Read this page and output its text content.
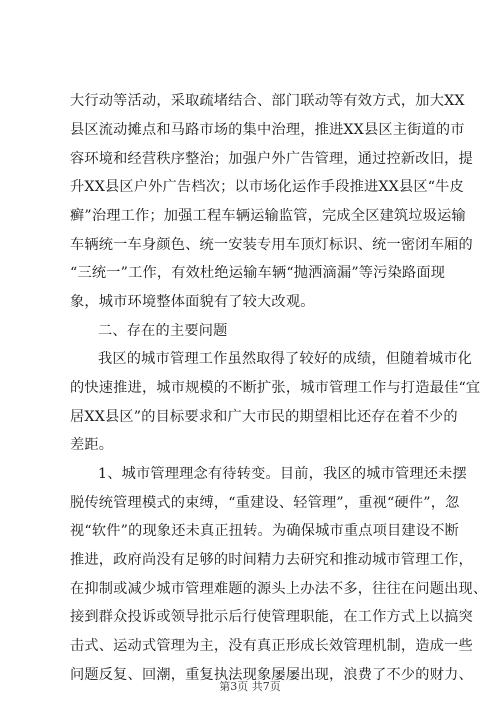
大行动等活动，采取疏堵结合、部门联动等有效方式，加大XX
县区流动摊点和马路市场的集中治理，推进XX县区主街道的市
容环境和经营秩序整治；加强户外广告管理，通过控新改旧，提
升XX县区户外广告档次；以市场化运作手段推进XX县区“牛皮
癣”治理工作；加强工程车辆运输监管，完成全区建筑垃圾运输
车辆统一车身颜色、统一安装专用车顶灯标识、统一密闭车厢的
“三统一”工作，有效杜绝运输车辆“抛洒滴漏”等污染路面现
象，城市环境整体面貌有了较大改观。
二、存在的主要问题
我区的城市管理工作虽然取得了较好的成绩，但随着城市化
的快速推进，城市规模的不断扩张，城市管理工作与打造最佳“宜
居XX县区”的目标要求和广大市民的期望相比还存在着不少的
差距。
1、城市管理理念有待转变。目前，我区的城市管理还未摆
脱传统管理模式的束缚，“重建设、轻管理”，重视“硬件”，忽
视“软件”的现象还未真正扭转。为确保城市重点项目建设不断
推进，政府尚没有足够的时间精力去研究和推动城市管理工作，
在抑制或减少城市管理难题的源头上办法不多，往往在问题出现、
接到群众投诉或领导批示后行使管理职能，在工作方式上以搞突
击式、运动式管理为主，没有真正形成长效管理机制，造成一些
问题反复、回潮，重复执法现象屡屡出现，浪费了不少的财力、
第3页 共7页
